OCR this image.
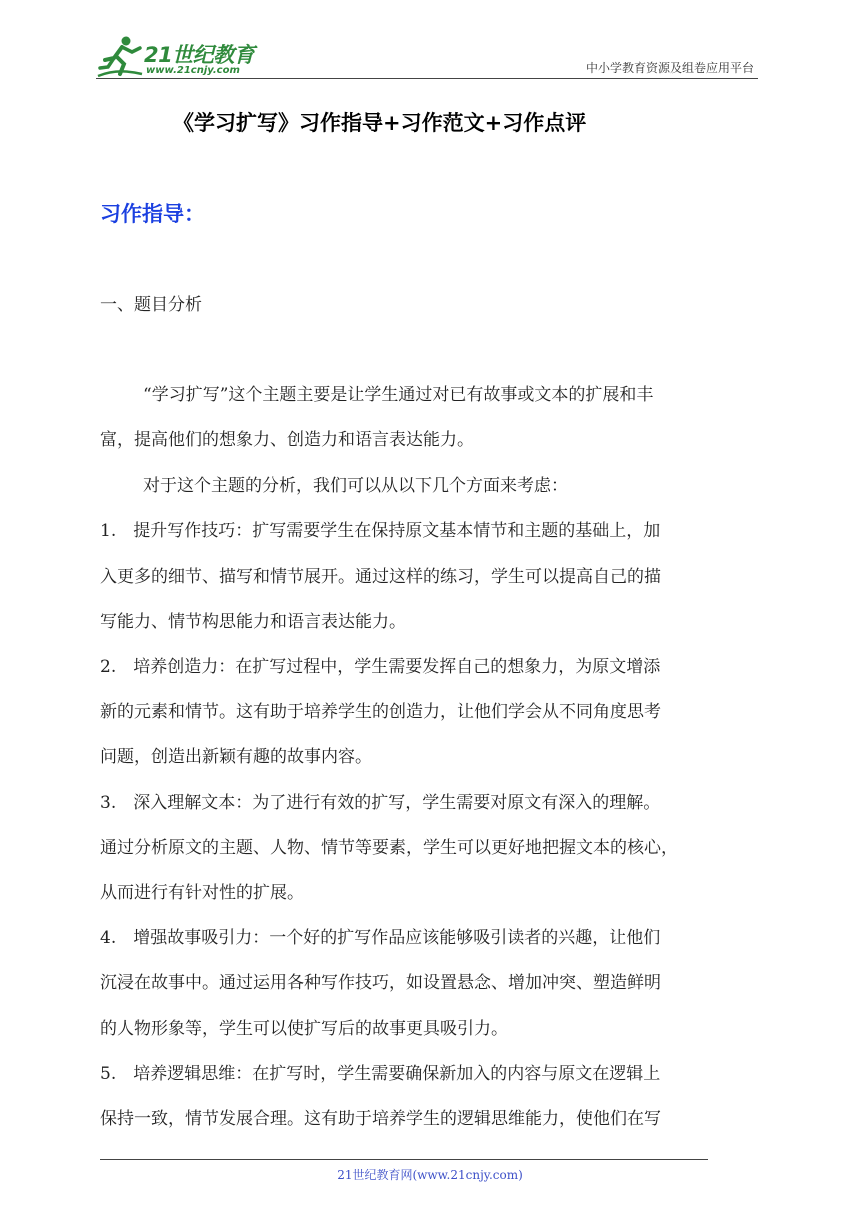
21世纪教育
www.21cnjy.com	中小学教育资源及组卷应用平台
《学习扩写》习作指导+习作范文+习作点评
习作指导：
一、题目分析
“学习扩写”这个主题主要是让学生通过对已有故事或文本的扩展和丰
富，提高他们的想象力、创造力和语言表达能力。
对于这个主题的分析，我们可以从以下几个方面来考虑：
1.　提升写作技巧：扩写需要学生在保持原文基本情节和主题的基础上，加
入更多的细节、描写和情节展开。通过这样的练习，学生可以提高自己的描
写能力、情节构思能力和语言表达能力。
2.　培养创造力：在扩写过程中，学生需要发挥自己的想象力，为原文增添
新的元素和情节。这有助于培养学生的创造力，让他们学会从不同角度思考
问题，创造出新颖有趣的故事内容。
3.　深入理解文本：为了进行有效的扩写，学生需要对原文有深入的理解。
通过分析原文的主题、人物、情节等要素，学生可以更好地把握文本的核心，
从而进行有针对性的扩展。
4.　增强故事吸引力：一个好的扩写作品应该能够吸引读者的兴趣，让他们
沉浸在故事中。通过运用各种写作技巧，如设置悬念、增加冲突、塑造鲜明
的人物形象等，学生可以使扩写后的故事更具吸引力。
5.　培养逻辑思维：在扩写时，学生需要确保新加入的内容与原文在逻辑上
保持一致，情节发展合理。这有助于培养学生的逻辑思维能力，使他们在写
21世纪教育网(www.21cnjy.com)
